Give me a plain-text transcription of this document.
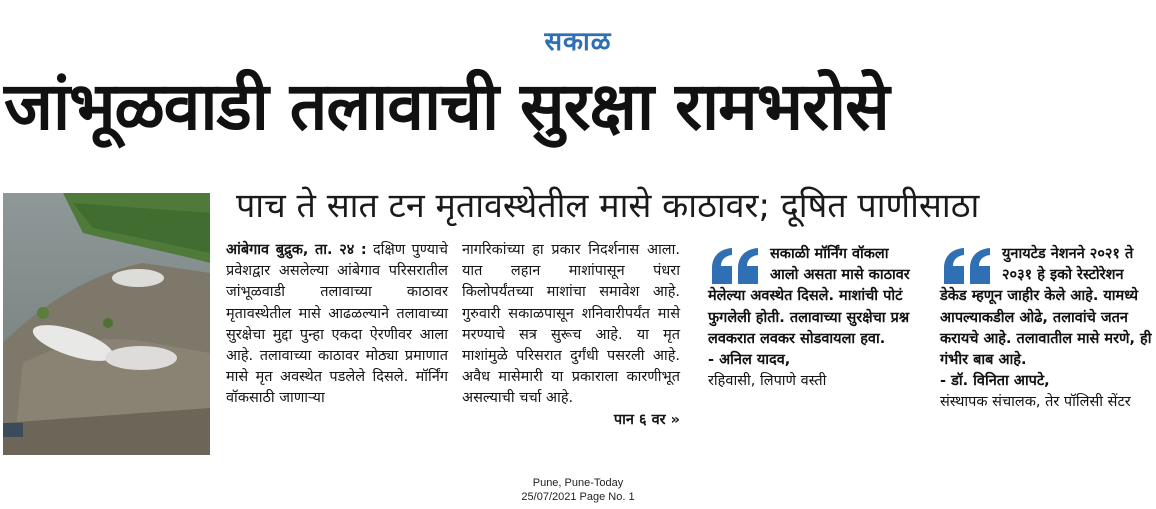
सकाळ
जांभूळवाडी तलावाची सुरक्षा रामभरोसे
पाच ते सात टन मृतावस्थेतील मासे काठावर; दूषित पाणीसाठा

आंबेगाव बुद्रुक, ता. २४ : दक्षिण पुण्याचे प्रवेशद्वार असलेल्या आंबेगाव परिसरातील जांभूळवाडी तलावाच्या काठावर मृतावस्थेतील मासे आढळल्याने तलावाच्या सुरक्षेचा मुद्दा पुन्हा एकदा ऐरणीवर आला आहे. तलावाच्या काठावर मोठ्या प्रमाणात मासे मृत अवस्थेत पडलेले दिसले. मॉर्निंग वॉकसाठी जाणाऱ्या

नागरिकांच्या हा प्रकार निदर्शनास आला. यात लहान माशांपासून पंधरा किलोपर्यंतच्या माशांचा समावेश आहे. गुरुवारी सकाळपासून शनिवारीपर्यंत मासे मरण्याचे सत्र सुरूच आहे. या मृत माशांमुळे परिसरात दुर्गंधी पसरली आहे. अवैध मासेमारी या प्रकाराला कारणीभूत असल्याची चर्चा आहे.

पान ६ वर »

सकाळी मॉर्निंग वॉकला आलो असता मासे काठावर मेलेल्या अवस्थेत दिसले. माशांची पोटं फुगलेली होती. तलावाच्या सुरक्षेचा प्रश्न लवकरात लवकर सोडवायला हवा.
- अनिल यादव,
रहिवासी, लिपाणे वस्ती
युनायटेड नेशनने २०२१ ते २०३१ हे इको रेस्टोरेशन डेकेड म्हणून जाहीर केले आहे. यामध्ये आपल्याकडील ओढे, तलावांचे जतन करायचे आहे. तलावातील मासे मरणे, ही गंभीर बाब आहे.
- डॉ. विनिता आपटे,
संस्थापक संचालक, तेर पॉलिसी सेंटर
Pune, Pune-Today
25/07/2021 Page No. 1
